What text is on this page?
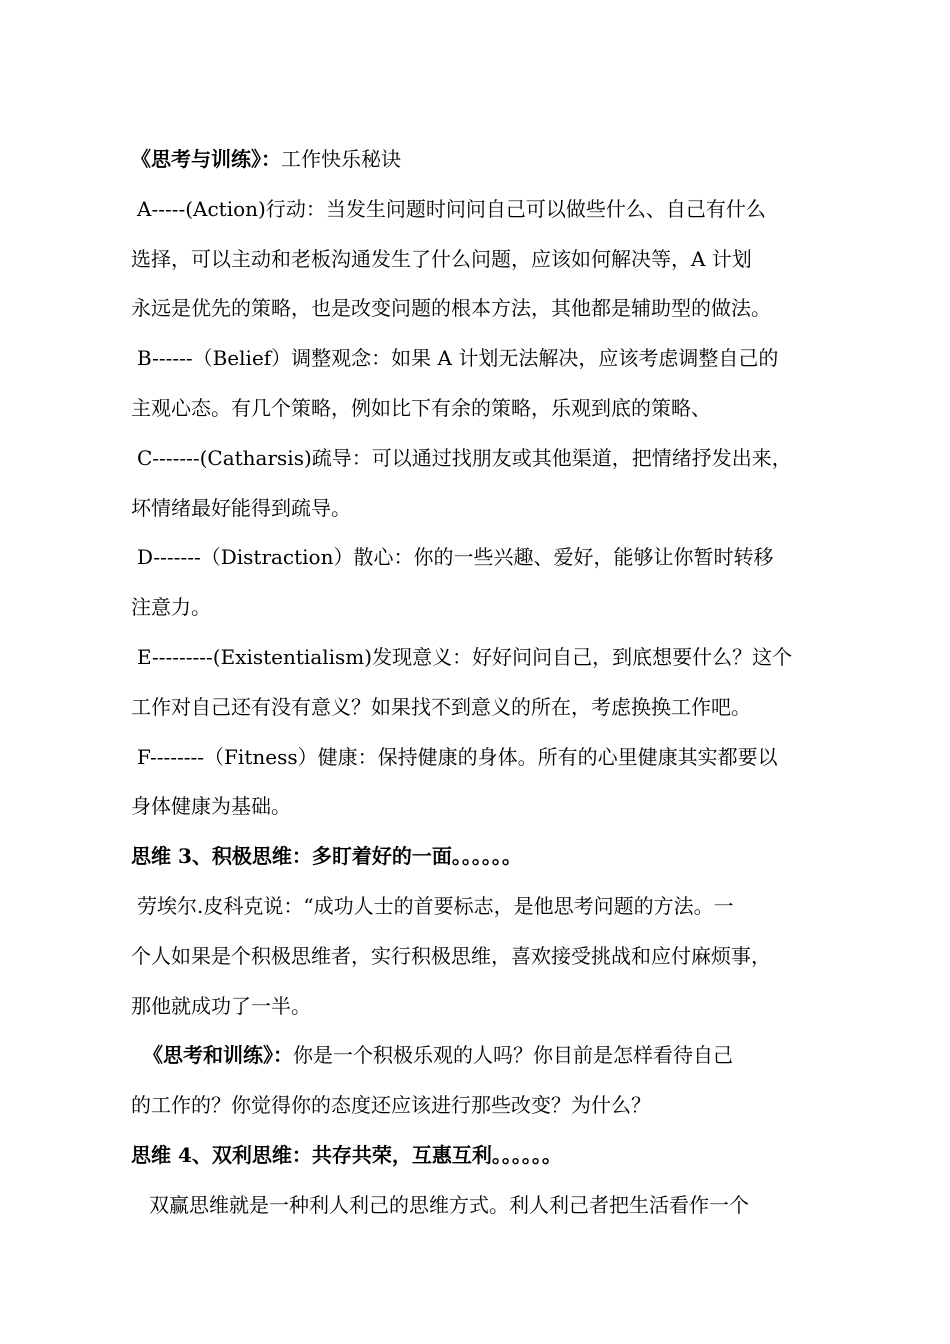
《思考与训练》：工作快乐秘诀
A-----(Action)行动：当发生问题时问问自己可以做些什么、自己有什么
选择，可以主动和老板沟通发生了什么问题，应该如何解决等，A 计划
永远是优先的策略，也是改变问题的根本方法，其他都是辅助型的做法。
B------（Belief）调整观念：如果 A 计划无法解决，应该考虑调整自己的
主观心态。有几个策略，例如比下有余的策略，乐观到底的策略、
C-------(Catharsis)疏导：可以通过找朋友或其他渠道，把情绪抒发出来，
坏情绪最好能得到疏导。
D-------（Distraction）散心：你的一些兴趣、爱好，能够让你暂时转移
注意力。
E---------(Existentialism)发现意义：好好问问自己，到底想要什么？这个
工作对自己还有没有意义？如果找不到意义的所在，考虑换换工作吧。
F--------（Fitness）健康：保持健康的身体。所有的心里健康其实都要以
身体健康为基础。
思维 3、积极思维：多盯着好的一面。。。。。。
劳埃尔.皮科克说：“成功人士的首要标志，是他思考问题的方法。一
个人如果是个积极思维者，实行积极思维，喜欢接受挑战和应付麻烦事，
那他就成功了一半。
《思考和训练》：你是一个积极乐观的人吗？你目前是怎样看待自己
的工作的？你觉得你的态度还应该进行那些改变？为什么？
思维 4、双利思维：共存共荣，互惠互利。。。。。。
双赢思维就是一种利人利己的思维方式。利人利己者把生活看作一个
